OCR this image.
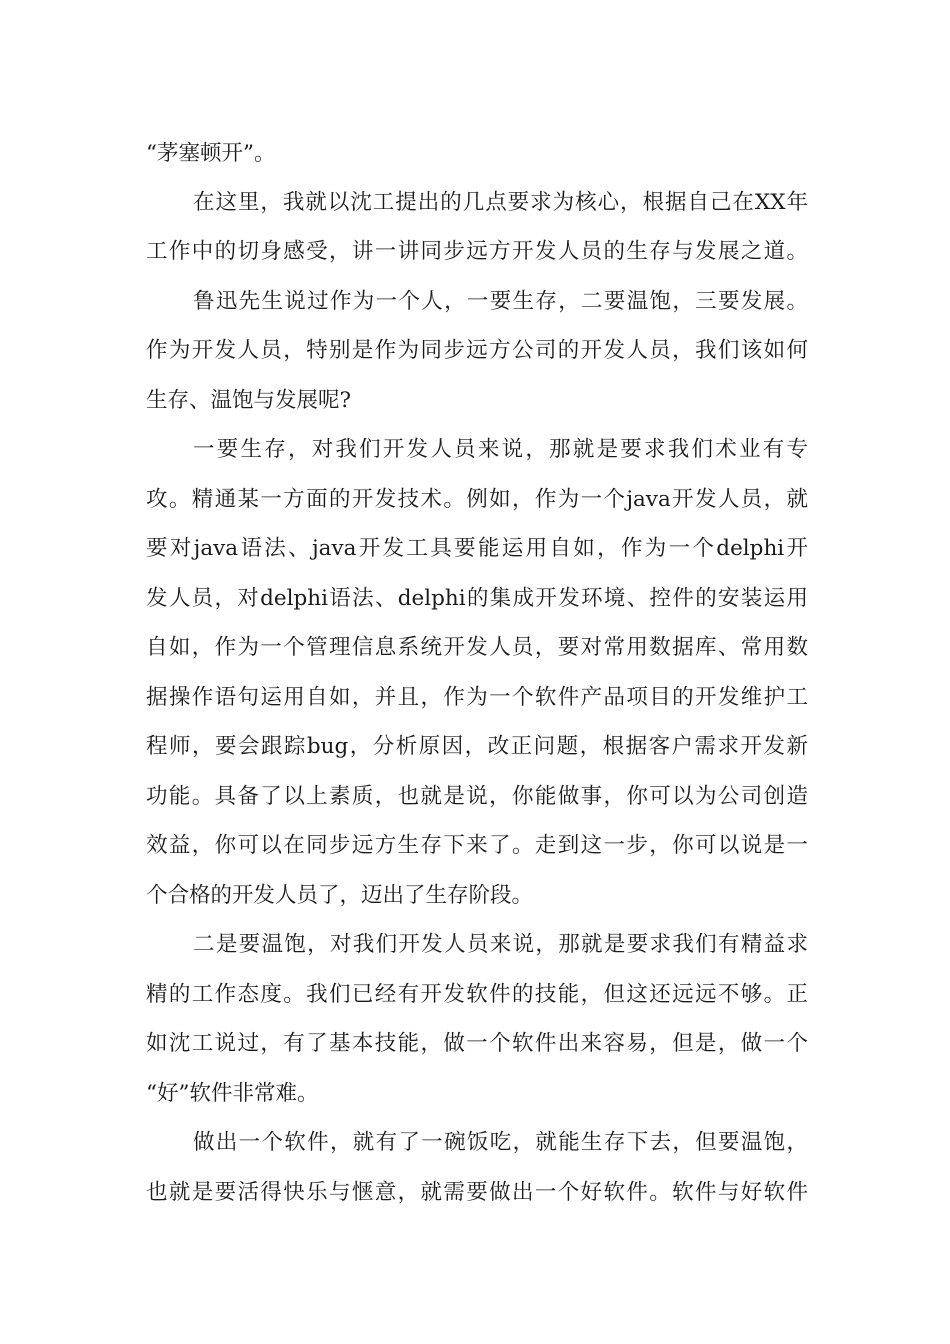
“茅塞顿开”。
在这里，我就以沈工提出的几点要求为核心，根据自己在XX年
工作中的切身感受，讲一讲同步远方开发人员的生存与发展之道。
鲁迅先生说过作为一个人，一要生存，二要温饱，三要发展。
作为开发人员，特别是作为同步远方公司的开发人员，我们该如何
生存、温饱与发展呢?
一要生存，对我们开发人员来说，那就是要求我们术业有专
攻。精通某一方面的开发技术。例如，作为一个java开发人员，就
要对java语法、java开发工具要能运用自如，作为一个delphi开
发人员，对delphi语法、delphi的集成开发环境、控件的安装运用
自如，作为一个管理信息系统开发人员，要对常用数据库、常用数
据操作语句运用自如，并且，作为一个软件产品项目的开发维护工
程师，要会跟踪bug，分析原因，改正问题，根据客户需求开发新
功能。具备了以上素质，也就是说，你能做事，你可以为公司创造
效益，你可以在同步远方生存下来了。走到这一步，你可以说是一
个合格的开发人员了，迈出了生存阶段。
二是要温饱，对我们开发人员来说，那就是要求我们有精益求
精的工作态度。我们已经有开发软件的技能，但这还远远不够。正
如沈工说过，有了基本技能，做一个软件出来容易，但是，做一个
“好”软件非常难。
做出一个软件，就有了一碗饭吃，就能生存下去，但要温饱，
也就是要活得快乐与惬意，就需要做出一个好软件。软件与好软件
